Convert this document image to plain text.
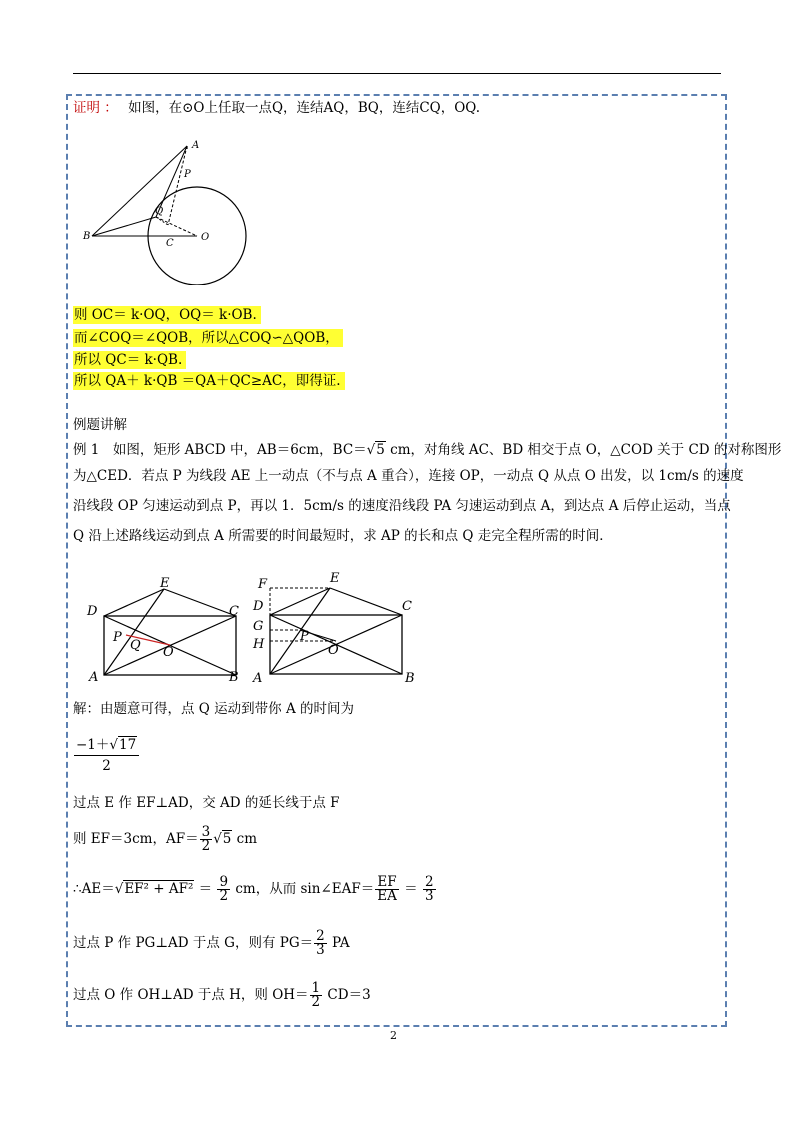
证明 ： 如图，在⊙O上任取一点Q，连结AQ，BQ，连结CQ，OQ.
A
P
Q
B
C
O
则 OC＝ k·OQ，OQ＝ k·OB.
而∠COQ＝∠QOB，所以△COQ∽△QOB，
所以 QC＝ k·QB.
所以 QA＋ k·QB ＝QA＋QC≥AC，即得证.
例题讲解
例 1　如图，矩形 ABCD 中，AB＝6cm，BC＝√5 cm，对角线 AC、BD 相交于点 O，△COD 关于 CD 的对称图形
为△CED．若点 P 为线段 AE 上一动点（不与点 A 重合），连接 OP，一动点 Q 从点 O 出发，以 1cm/s 的速度
沿线段 OP 匀速运动到点 P，再以 1．5cm/s 的速度沿线段 PA 匀速运动到点 A，到达点 A 后停止运动，当点
Q 沿上述路线运动到点 A 所需要的时间最短时，求 AP 的长和点 Q 走完全程所需的时间．
E
D	C
P
Q O
A	B
F	E
D	C
G
H
P
O
A	B
解：由题意可得，点 Q 运动到带你 A 的时间为
$\frac{-1+√17}{2}$
过点 E 作 EF⊥AD，交 AD 的延长线于点 F
则 EF＝3cm，$AF= \frac{3}{2} √5$ cm
∴AE＝√EF² + $AF^2 = \frac{9}{2}$ cm，从而 sin∠EAF＝ $\frac{EF}{EA} = \frac{2}{3}$
过点 P 作 PG⊥AD 于点 G，则有 $PG= \frac{2}{3}$ PA
过点 O 作 OH⊥AD 于点 H，则 $OH= \frac{1}{2} CD=3$
2
